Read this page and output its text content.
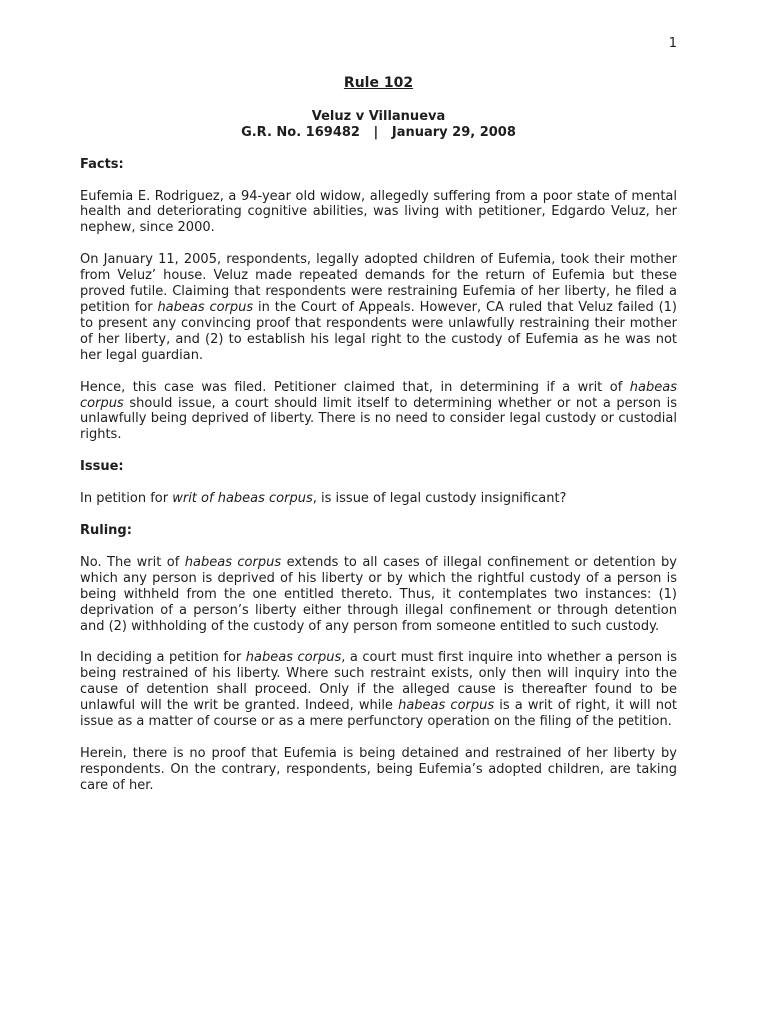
1
Rule 102
Veluz v Villanueva
G.R. No. 169482   |   January 29, 2008
Facts:

Eufemia E. Rodriguez, a 94-year old widow, allegedly suffering from a poor state of mental health and deteriorating cognitive abilities, was living with petitioner, Edgardo Veluz, her nephew, since 2000.

On January 11, 2005, respondents, legally adopted children of Eufemia, took their mother from Veluz’ house. Veluz made repeated demands for the return of Eufemia but these proved futile. Claiming that respondents were restraining Eufemia of her liberty, he filed a petition for habeas corpus in the Court of Appeals. However, CA ruled that Veluz failed (1) to present any convincing proof that respondents were unlawfully restraining their mother of her liberty, and (2) to establish his legal right to the custody of Eufemia as he was not her legal guardian.

Hence, this case was filed. Petitioner claimed that, in determining if a writ of habeas corpus should issue, a court should limit itself to determining whether or not a person is unlawfully being deprived of liberty. There is no need to consider legal custody or custodial rights.

Issue:

In petition for writ of habeas corpus, is issue of legal custody insignificant?

Ruling:

No. The writ of habeas corpus extends to all cases of illegal confinement or detention by which any person is deprived of his liberty or by which the rightful custody of a person is being withheld from the one entitled thereto. Thus, it contemplates two instances: (1) deprivation of a person’s liberty either through illegal confinement or through detention and (2) withholding of the custody of any person from someone entitled to such custody.

In deciding a petition for habeas corpus, a court must first inquire into whether a person is being restrained of his liberty. Where such restraint exists, only then will inquiry into the cause of detention shall proceed. Only if the alleged cause is thereafter found to be unlawful will the writ be granted. Indeed, while habeas corpus is a writ of right, it will not issue as a matter of course or as a mere perfunctory operation on the filing of the petition.

Herein, there is no proof that Eufemia is being detained and restrained of her liberty by respondents. On the contrary, respondents, being Eufemia’s adopted children, are taking care of her.
